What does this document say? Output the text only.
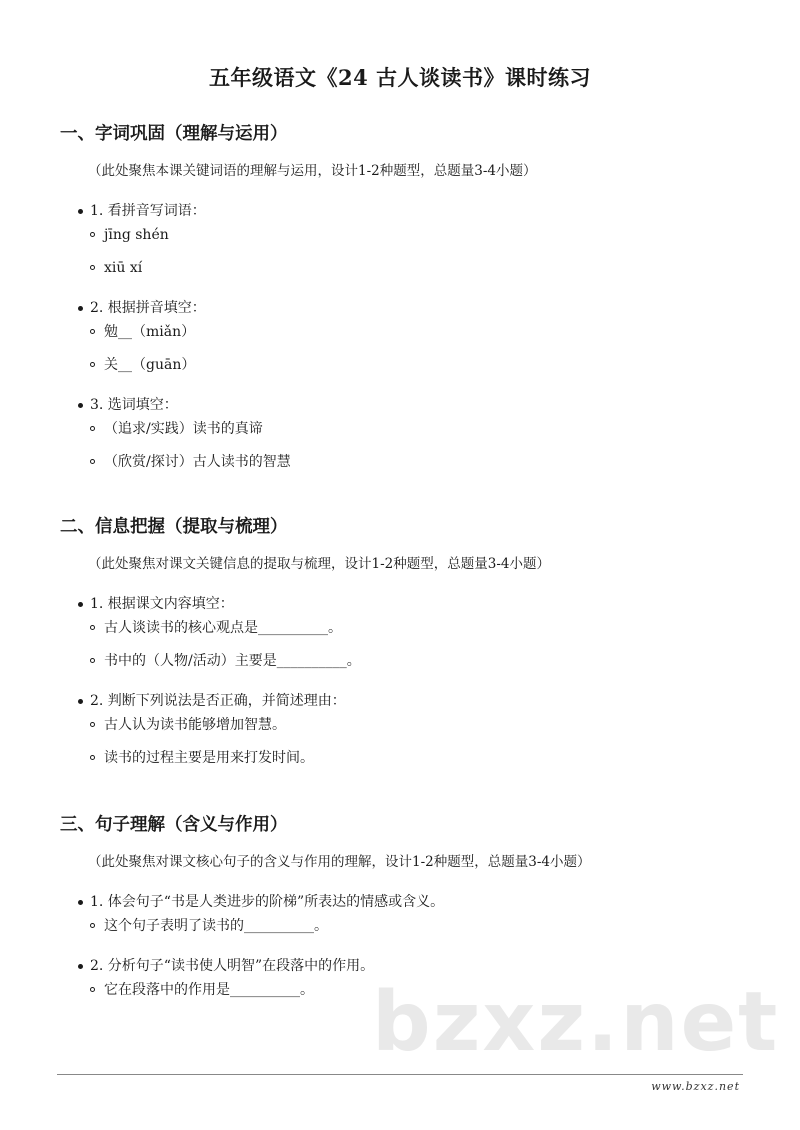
五年级语文《24 古人谈读书》课时练习
一、字词巩固（理解与运用）

（此处聚焦本课关键词语的理解与运用，设计1-2种题型，总题量3-4小题）

1. 看拼音写词语：
jīng shén
xiū xí
2. 根据拼音填空：
勉__（miǎn）
关__（guān）
3. 选词填空：
（追求/实践）读书的真谛
（欣赏/探讨）古人读书的智慧
二、信息把握（提取与梳理）

（此处聚焦对课文关键信息的提取与梳理，设计1-2种题型，总题量3-4小题）

1. 根据课文内容填空：
古人谈读书的核心观点是__________。
书中的（人物/活动）主要是__________。
2. 判断下列说法是否正确，并简述理由：
古人认为读书能够增加智慧。
读书的过程主要是用来打发时间。
三、句子理解（含义与作用）

（此处聚焦对课文核心句子的含义与作用的理解，设计1-2种题型，总题量3-4小题）

1. 体会句子“书是人类进步的阶梯”所表达的情感或含义。
这个句子表明了读书的__________。
2. 分析句子“读书使人明智”在段落中的作用。
它在段落中的作用是__________。 bzxz.net
www.bzxz.net
